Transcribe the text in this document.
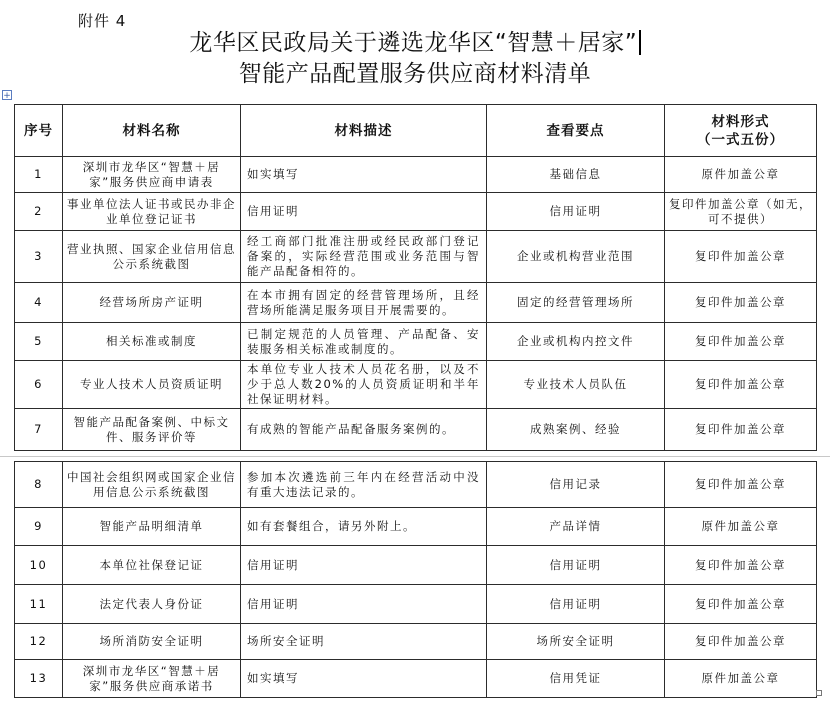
附件 4
龙华区民政局关于遴选龙华区“智慧＋居家”
智能产品配置服务供应商材料清单
+
序号	材料名称	材料描述	查看要点	材料形式
（一式五份）

1	深圳市龙华区“智慧＋居家”服务供应商申请表	如实填写	基础信息	原件加盖公章
2	事业单位法人证书或民办非企业单位登记证书	信用证明	信用证明	复印件加盖公章（如无，可不提供）
3	营业执照、国家企业信用信息公示系统截图	经工商部门批准注册或经民政部门登记备案的，实际经营范围或业务范围与智能产品配备相符的。	企业或机构营业范围	复印件加盖公章
4	经营场所房产证明	在本市拥有固定的经营管理场所，且经营场所能满足服务项目开展需要的。	固定的经营管理场所	复印件加盖公章
5	相关标准或制度	已制定规范的人员管理、产品配备、安装服务相关标准或制度的。	企业或机构内控文件	复印件加盖公章
6	专业人技术人员资质证明	本单位专业人技术人员花名册，以及不少于总人数20%的人员资质证明和半年社保证明材料。	专业技术人员队伍	复印件加盖公章
7	智能产品配备案例、中标文件、服务评价等	有成熟的智能产品配备服务案例的。	成熟案例、经验	复印件加盖公章
8	中国社会组织网或国家企业信用信息公示系统截图	参加本次遴选前三年内在经营活动中没有重大违法记录的。	信用记录	复印件加盖公章
9	智能产品明细清单	如有套餐组合，请另外附上。	产品详情	原件加盖公章
10	本单位社保登记证	信用证明	信用证明	复印件加盖公章
11	法定代表人身份证	信用证明	信用证明	复印件加盖公章
12	场所消防安全证明	场所安全证明	场所安全证明	复印件加盖公章
13	深圳市龙华区“智慧＋居家”服务供应商承诺书	如实填写	信用凭证	原件加盖公章
